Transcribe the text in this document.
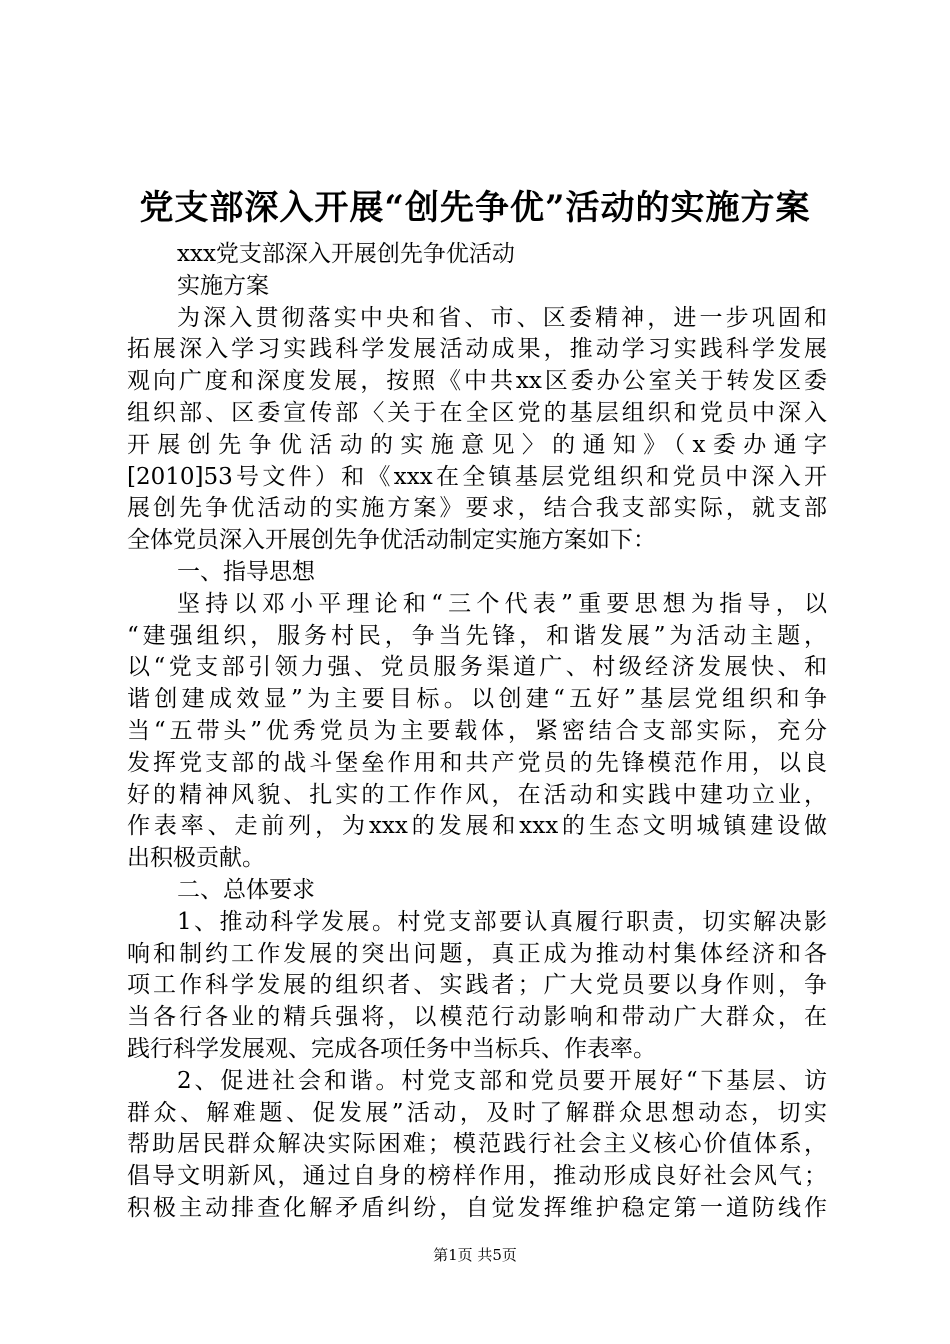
党支部深入开展“创先争优”活动的实施方案
xxx党支部深入开展创先争优活动
实施方案
为深入贯彻落实中央和省、市、区委精神，进一步巩固和
拓展深入学习实践科学发展活动成果，推动学习实践科学发展
观向广度和深度发展，按照《中共xx区委办公室关于转发区委
组织部、区委宣传部〈关于在全区党的基层组织和党员中深入
开展创先争优活动的实施意见〉的通知》（x委办通字
[2010]53号文件）和《xxx在全镇基层党组织和党员中深入开
展创先争优活动的实施方案》要求，结合我支部实际，就支部
全体党员深入开展创先争优活动制定实施方案如下：
一、指导思想
坚持以邓小平理论和“三个代表”重要思想为指导，以
“建强组织，服务村民，争当先锋，和谐发展”为活动主题，
以“党支部引领力强、党员服务渠道广、村级经济发展快、和
谐创建成效显”为主要目标。以创建“五好”基层党组织和争
当“五带头”优秀党员为主要载体，紧密结合支部实际，充分
发挥党支部的战斗堡垒作用和共产党员的先锋模范作用，以良
好的精神风貌、扎实的工作作风，在活动和实践中建功立业，
作表率、走前列，为xxx的发展和xxx的生态文明城镇建设做
出积极贡献。
二、总体要求
1、推动科学发展。村党支部要认真履行职责，切实解决影
响和制约工作发展的突出问题，真正成为推动村集体经济和各
项工作科学发展的组织者、实践者；广大党员要以身作则，争
当各行各业的精兵强将，以模范行动影响和带动广大群众，在
践行科学发展观、完成各项任务中当标兵、作表率。
2、促进社会和谐。村党支部和党员要开展好“下基层、访
群众、解难题、促发展”活动，及时了解群众思想动态，切实
帮助居民群众解决实际困难；模范践行社会主义核心价值体系，
倡导文明新风，通过自身的榜样作用，推动形成良好社会风气；
积极主动排查化解矛盾纠纷，自觉发挥维护稳定第一道防线作
第1页 共5页
